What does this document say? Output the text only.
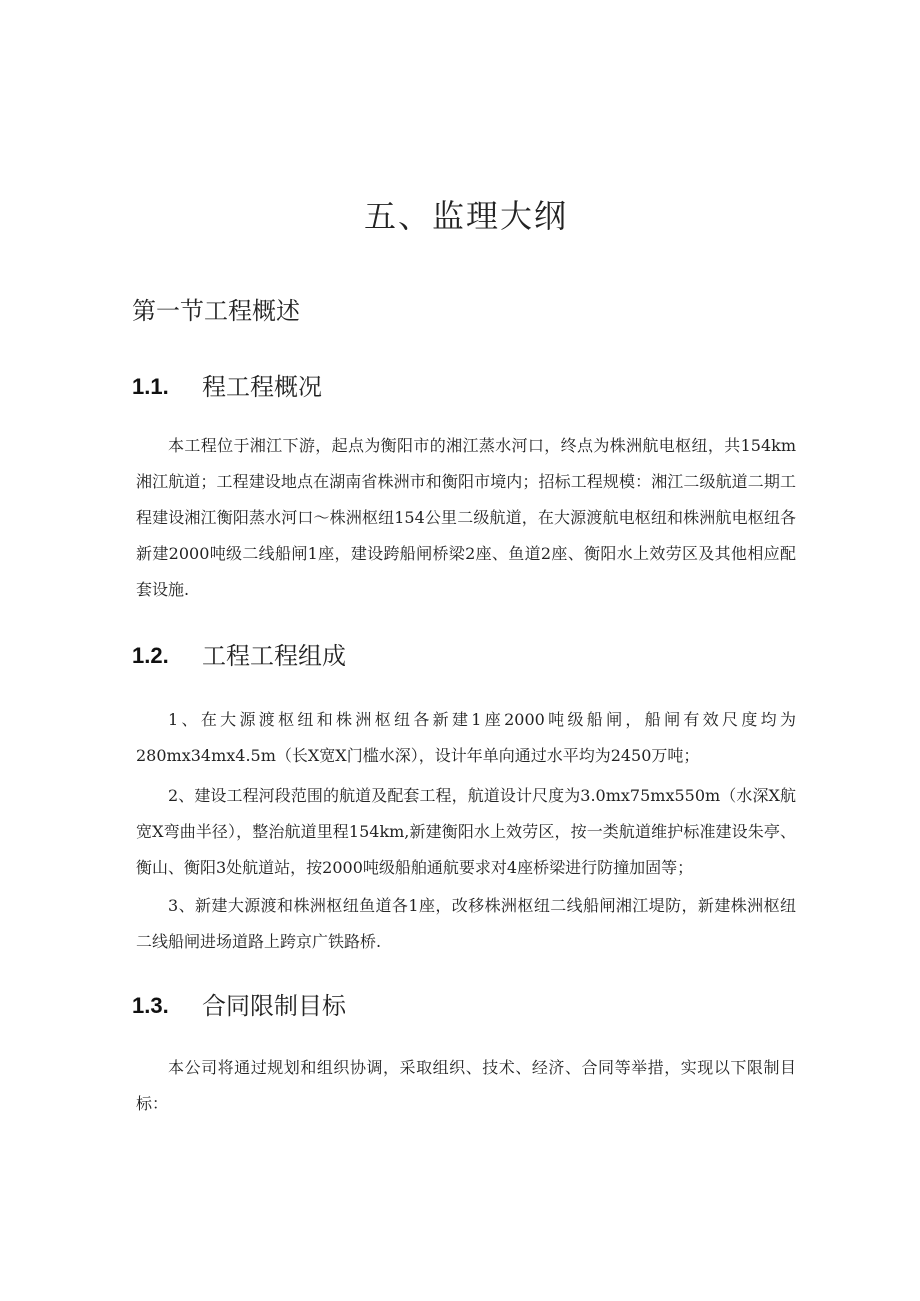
五、监理大纲
第一节工程概述
1.1. 程工程概况

本工程位于湘江下游，起点为衡阳市的湘江蒸水河口，终点为株洲航电枢纽，共154km湘江航道；工程建设地点在湖南省株洲市和衡阳市境内；招标工程规模：湘江二级航道二期工程建设湘江衡阳蒸水河口～株洲枢纽154公里二级航道，在大源渡航电枢纽和株洲航电枢纽各新建2000吨级二线船闸1座，建设跨船闸桥梁2座、鱼道2座、衡阳水上效劳区及其他相应配套设施.

1.2. 工程工程组成

1、在大源渡枢纽和株洲枢纽各新建1座2000吨级船闸，船闸有效尺度均为280mx34mx4.5m（长X宽X门槛水深），设计年单向通过水平均为2450万吨；

2、建设工程河段范围的航道及配套工程，航道设计尺度为3.0mx75mx550m（水深X航宽X弯曲半径），整治航道里程154km,新建衡阳水上效劳区，按一类航道维护标准建设朱亭、衡山、衡阳3处航道站，按2000吨级船舶通航要求对4座桥梁进行防撞加固等；

3、新建大源渡和株洲枢纽鱼道各1座，改移株洲枢纽二线船闸湘江堤防，新建株洲枢纽二线船闸进场道路上跨京广铁路桥.

1.3. 合同限制目标

本公司将通过规划和组织协调，采取组织、技术、经济、合同等举措，实现以下限制目标：
